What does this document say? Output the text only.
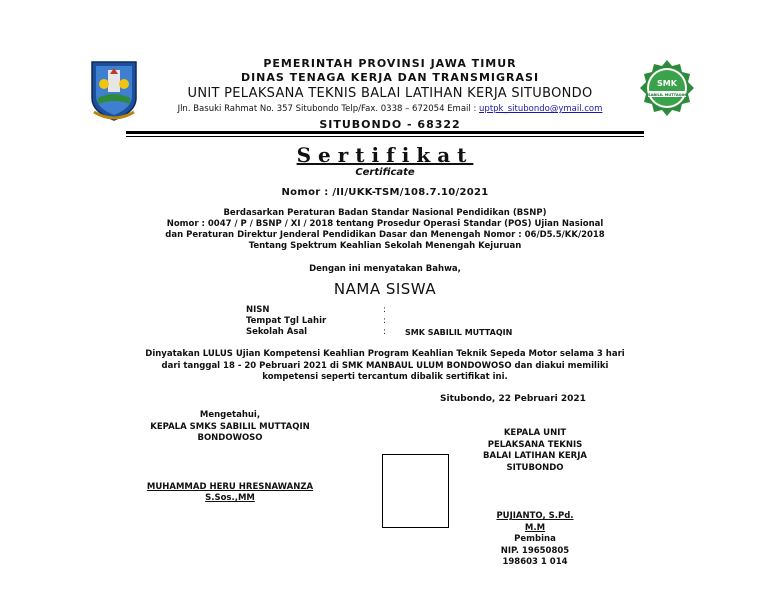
SMK
SABILIL MUTTAQIN
PEMERINTAH PROVINSI JAWA TIMUR
DINAS TENAGA KERJA DAN TRANSMIGRASI
UNIT PELAKSANA TEKNIS BALAI LATIHAN KERJA SITUBONDO
Jln. Basuki Rahmat No. 357 Situbondo Telp/Fax. 0338 – 672054 Email : uptpk_situbondo@ymail.com
SITUBONDO - 68322
Sertifikat
Certificate
Nomor : /II/UKK-TSM/108.7.10/2021
Berdasarkan Peraturan Badan Standar Nasional Pendidikan (BSNP)
Nomor : 0047 / P / BSNP / XI / 2018 tentang Prosedur Operasi Standar (POS) Ujian Nasional
dan Peraturan Direktur Jenderal Pendidikan Dasar dan Menengah Nomor : 06/D5.5/KK/2018
Tentang Spektrum Keahlian Sekolah Menengah Kejuruan
Dengan ini menyatakan Bahwa,
NAMA SISWA
NISN	:
Tempat Tgl Lahir	:
Sekolah Asal	: SMK SABILIL MUTTAQIN
Dinyatakan LULUS Ujian Kompetensi Keahlian Program Keahlian Teknik Sepeda Motor selama 3 hari
dari tanggal 18 - 20 Pebruari 2021 di SMK MANBAUL ULUM BONDOWOSO dan diakui memiliki
kompetensi seperti tercantum dibalik sertifikat ini.
Situbondo, 22 Pebruari 2021
Mengetahui,
KEPALA SMKS SABILIL MUTTAQIN
BONDOWOSO
MUHAMMAD HERU HRESNAWANZA
S.Sos.,MM
KEPALA UNIT
PELAKSANA TEKNIS
BALAI LATIHAN KERJA
SITUBONDO
PUJIANTO, S.Pd.
M.M
Pembina
NIP. 19650805
198603 1 014
